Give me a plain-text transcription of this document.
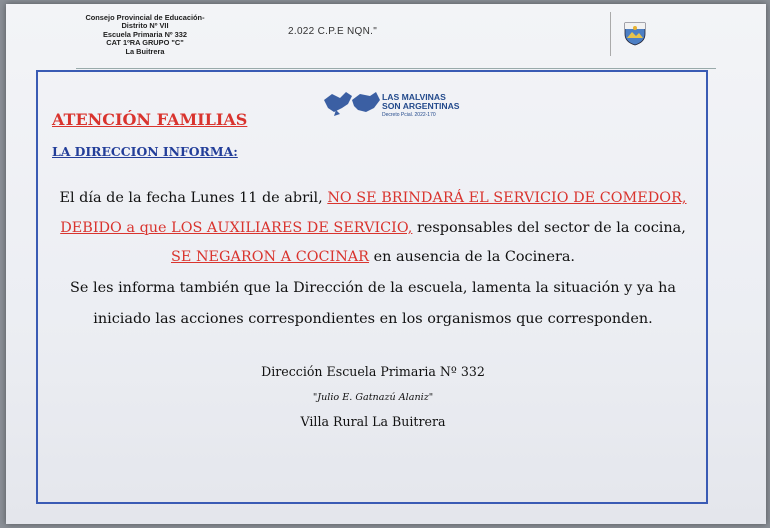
Consejo Provincial de Educación-
Distrito Nº VII
Escuela Primaria Nº 332
CAT 1ºRA GRUPO "C"
La Buitrera
2.022 C.P.E NQN."
LAS MALVINAS
SON ARGENTINAS
Decreto Pcial. 2022-170
ATENCIÓN FAMILIAS
LA DIRECCION INFORMA:
El día de la fecha Lunes 11 de abril, NO SE BRINDARÁ EL SERVICIO DE COMEDOR,
DEBIDO a que LOS AUXILIARES DE SERVICIO, responsables del sector de la cocina,
SE NEGARON A COCINAR en ausencia de la Cocinera.
Se les informa también que la Dirección de la escuela, lamenta la situación y ya ha
iniciado las acciones correspondientes en los organismos que corresponden.
Dirección Escuela Primaria Nº 332
"Julio E. Gatnazú Alaniz"
Villa Rural La Buitrera
